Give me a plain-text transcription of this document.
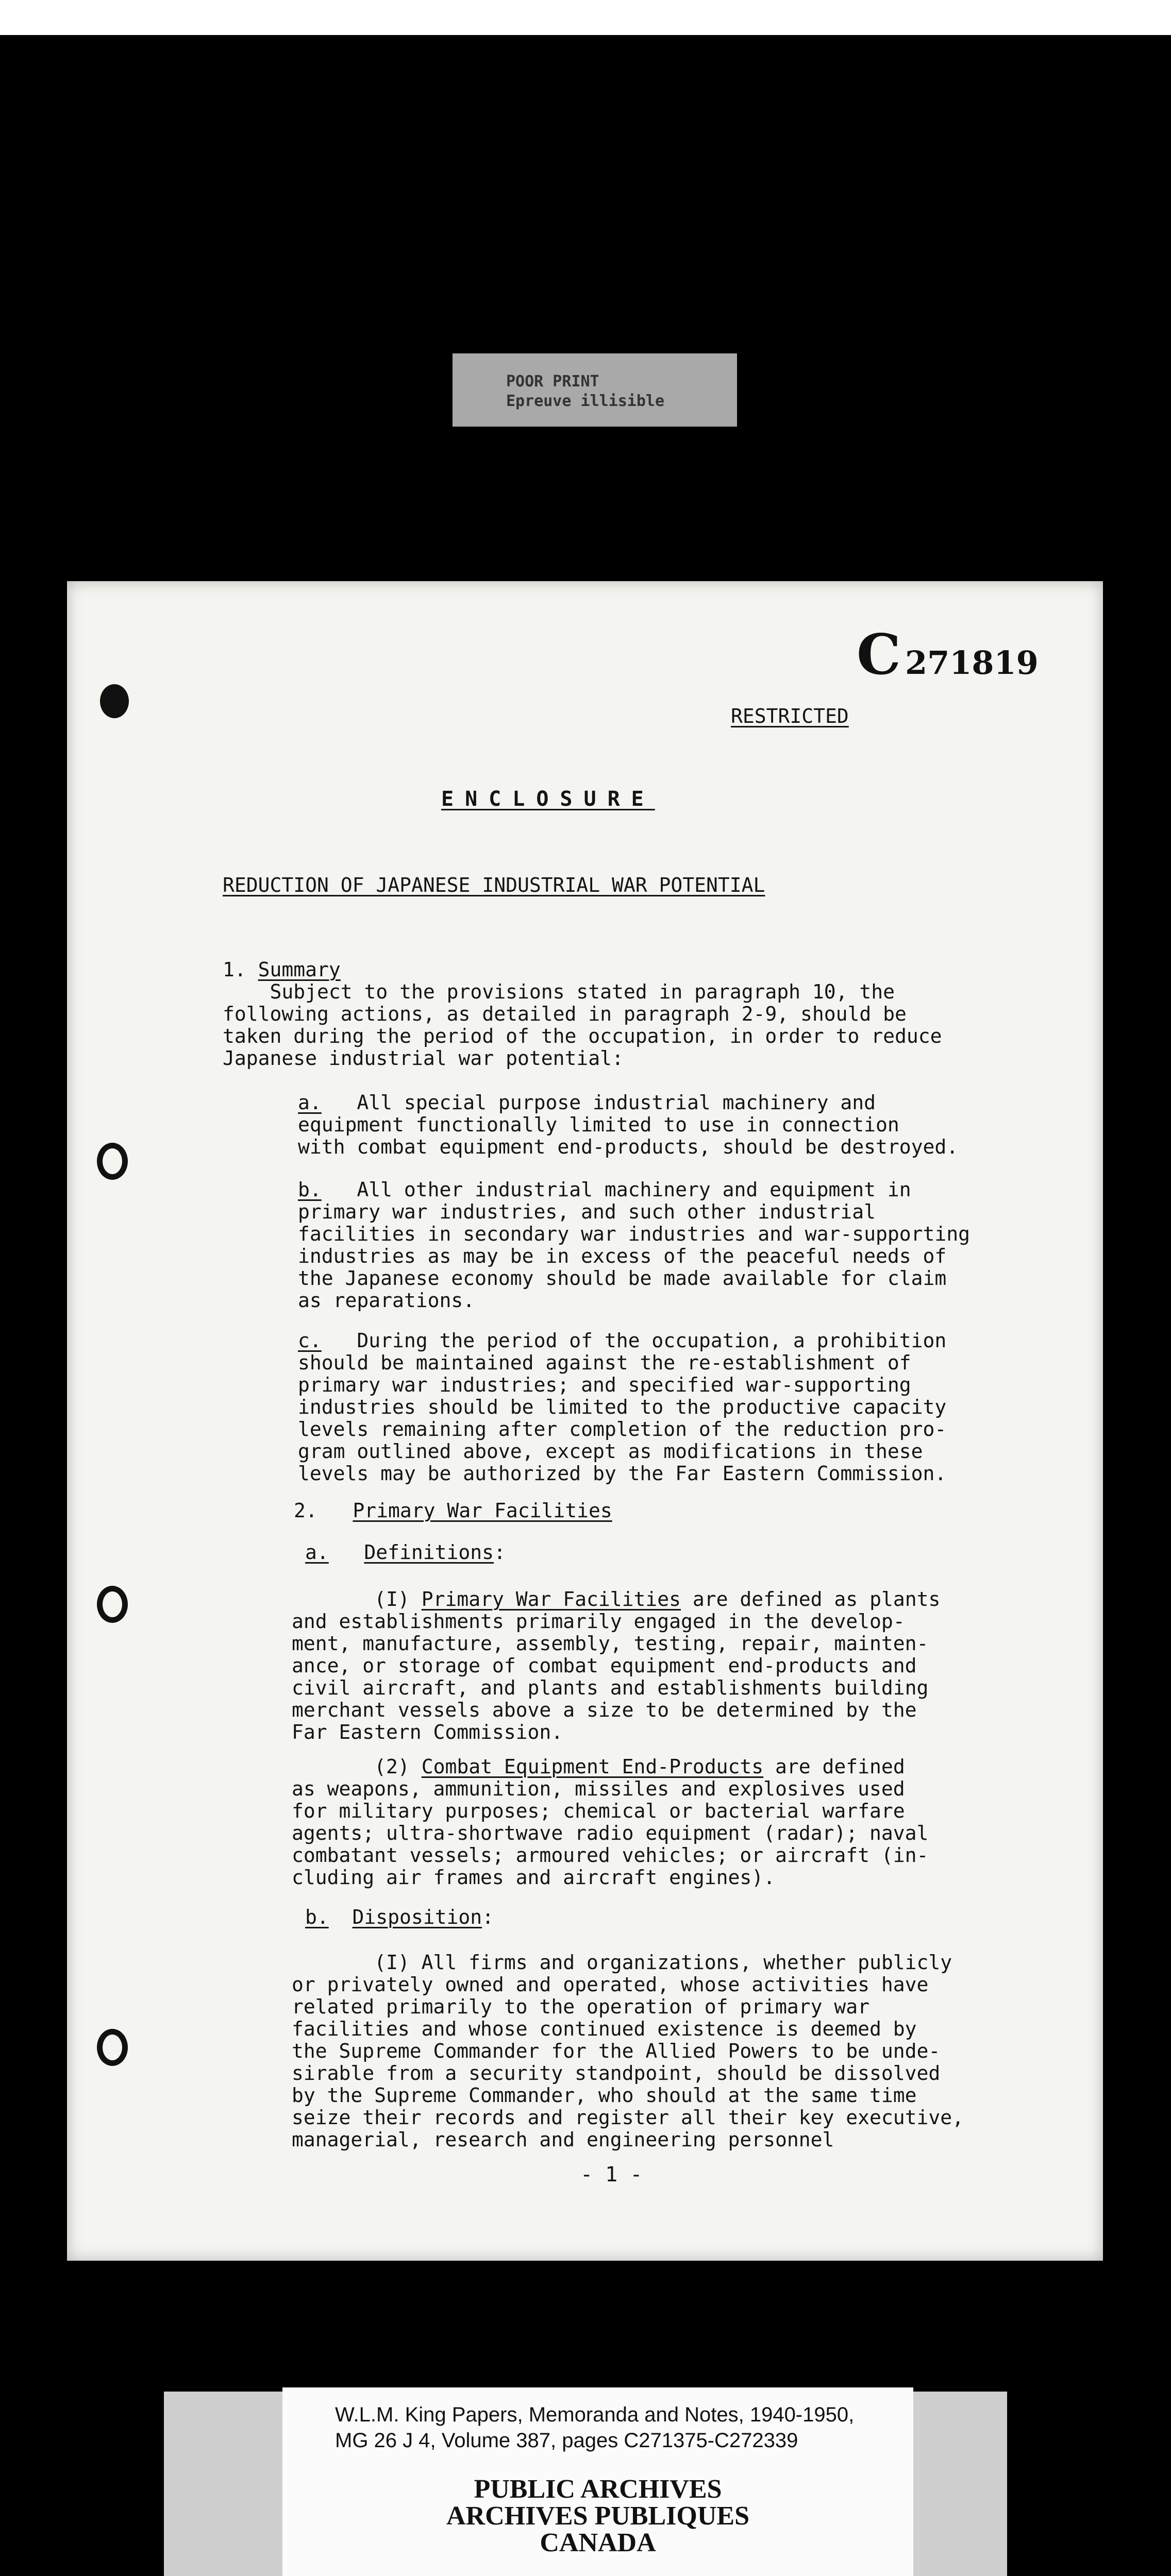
POOR PRINT
Epreuve illisible
C 271819
RESTRICTED
ENCLOSURE
REDUCTION OF JAPANESE INDUSTRIAL WAR POTENTIAL
1. Summary
Subject to the provisions stated in paragraph 10, the
following actions, as detailed in paragraph 2-9, should be
taken during the period of the occupation, in order to reduce
Japanese industrial war potential:
a.   All special purpose industrial machinery and
equipment functionally limited to use in connection
with combat equipment end-products, should be destroyed.
b.   All other industrial machinery and equipment in
primary war industries, and such other industrial
facilities in secondary war industries and war-supporting
industries as may be in excess of the peaceful needs of
the Japanese economy should be made available for claim
as reparations.
c.   During the period of the occupation, a prohibition
should be maintained against the re-establishment of
primary war industries; and specified war-supporting
industries should be limited to the productive capacity
levels remaining after completion of the reduction pro-
gram outlined above, except as modifications in these
levels may be authorized by the Far Eastern Commission.
2. Primary War Facilities
a. Definitions:
(I) Primary War Facilities are defined as plants
and establishments primarily engaged in the develop-
ment, manufacture, assembly, testing, repair, mainten-
ance, or storage of combat equipment end-products and
civil aircraft, and plants and establishments building
merchant vessels above a size to be determined by the
Far Eastern Commission.
(2) Combat Equipment End-Products are defined
as weapons, ammunition, missiles and explosives used
for military purposes; chemical or bacterial warfare
agents; ultra-shortwave radio equipment (radar); naval
combatant vessels; armoured vehicles; or aircraft (in-
cluding air frames and aircraft engines).
b. Disposition:
(I) All firms and organizations, whether publicly
or privately owned and operated, whose activities have
related primarily to the operation of primary war
facilities and whose continued existence is deemed by
the Supreme Commander for the Allied Powers to be unde-
sirable from a security standpoint, should be dissolved
by the Supreme Commander, who should at the same time
seize their records and register all their key executive,
managerial, research and engineering personnel
- 1 -
W.L.M. King Papers, Memoranda and Notes, 1940-1950,
MG 26 J 4, Volume 387, pages C271375-C272339
PUBLIC ARCHIVES
ARCHIVES PUBLIQUES
CANADA
